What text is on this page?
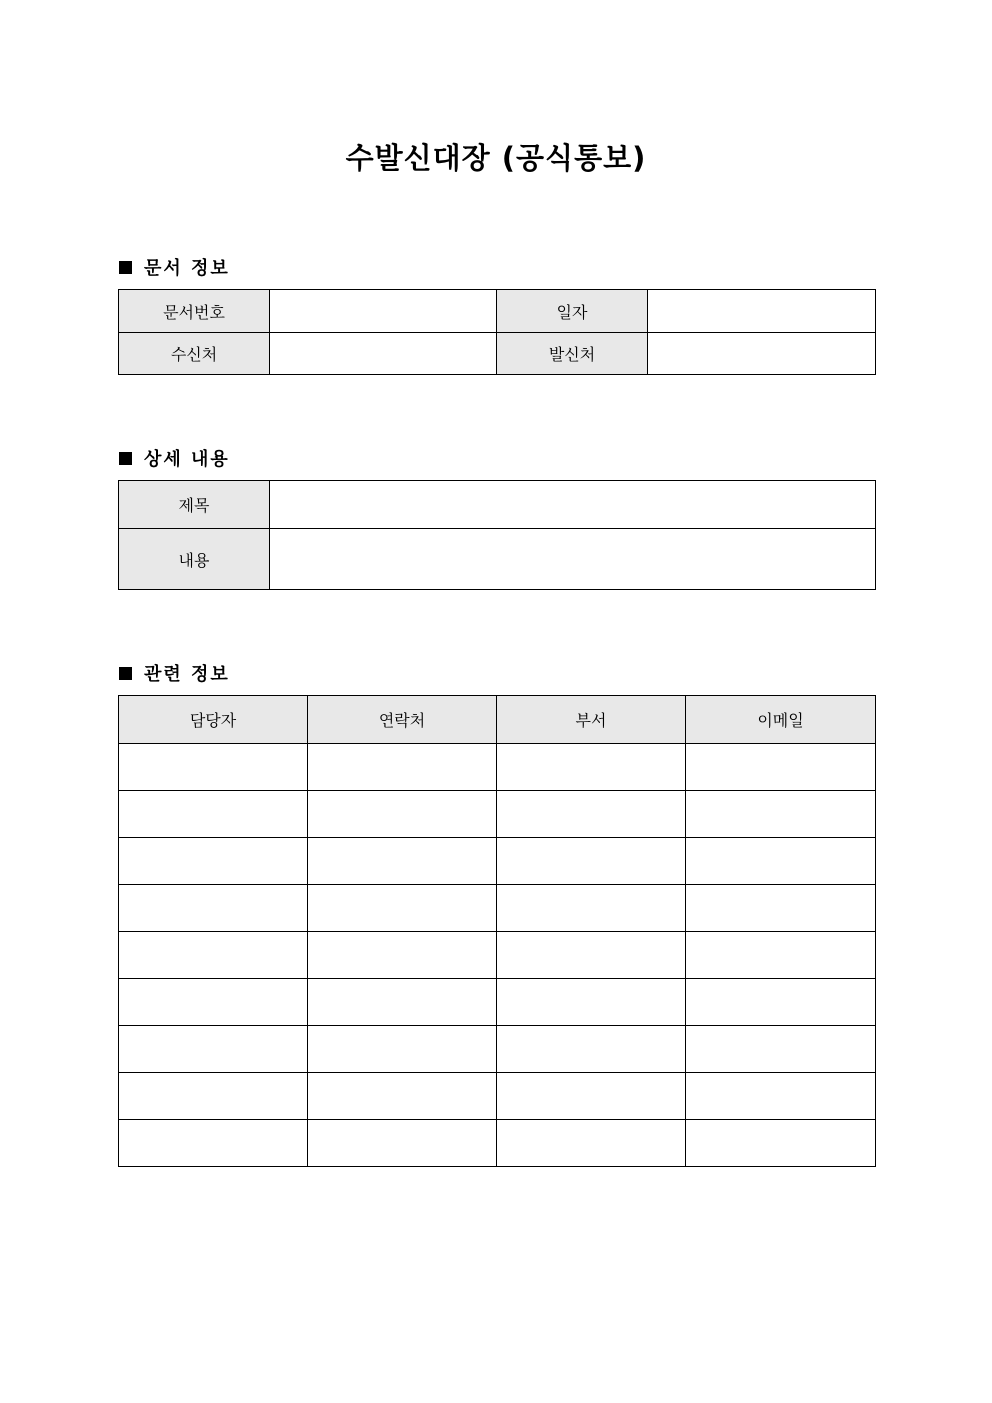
수발신대장 (공식통보)
문서 정보
문서번호		일자	
수신처		발신처	
상세 내용
제목	
내용	
관련 정보
담당자	연락처	부서	이메일
